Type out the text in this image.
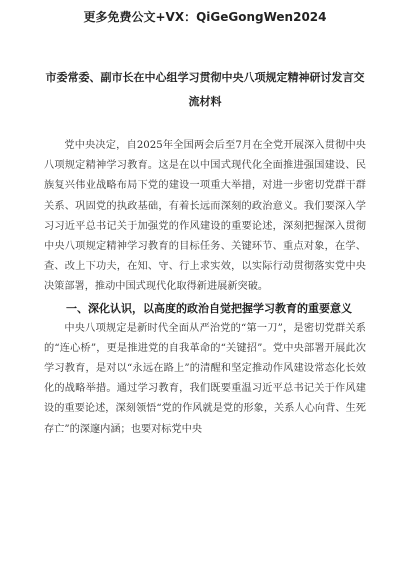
更多免费公文+VX：QiGeGongWen2024
市委常委、副市长在中心组学习贯彻中央八项规定精神研讨发言交流材料

党中央决定，自2025年全国两会后至7月在全党开展深入贯彻中央八项规定精神学习教育。这是在以中国式现代化全面推进强国建设、民族复兴伟业战略布局下党的建设一项重大举措，对进一步密切党群干群关系、巩固党的执政基础，有着长远而深刻的政治意义。我们要深入学习习近平总书记关于加强党的作风建设的重要论述，深刻把握深入贯彻中央八项规定精神学习教育的目标任务、关键环节、重点对象，在学、查、改上下功夫，在知、守、行上求实效，以实际行动贯彻落实党中央决策部署，推动中国式现代化取得新进展新突破。

一、深化认识，以高度的政治自觉把握学习教育的重要意义

中央八项规定是新时代全面从严治党的“第一刀”，是密切党群关系的“连心桥”，更是推进党的自我革命的“关键招”。党中央部署开展此次学习教育，是对以“永远在路上”的清醒和坚定推动作风建设常态化长效化的战略举措。通过学习教育，我们既要重温习近平总书记关于作风建设的重要论述，深刻领悟“党的作风就是党的形象，关系人心向背、生死存亡”的深邃内涵；也要对标党中央
